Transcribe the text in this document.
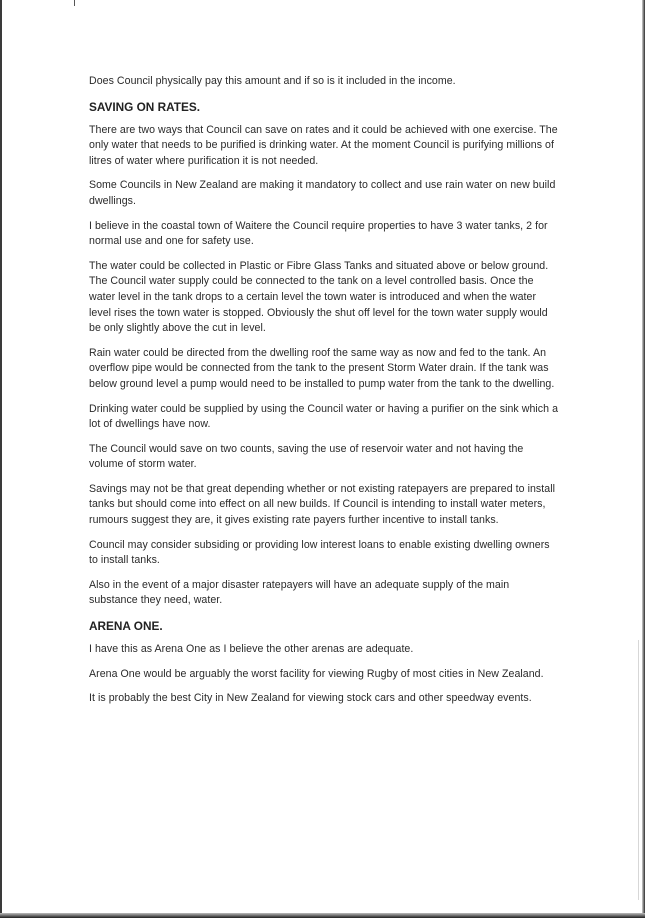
Does Council physically pay this amount and if so is it included in the income.

SAVING ON RATES.

There are two ways that Council can save on rates and it could be achieved with one exercise. The only water that needs to be purified is drinking water. At the moment Council is purifying millions of litres of water where purification it is not needed.

Some Councils in New Zealand are making it mandatory to collect and use rain water on new build dwellings.

I believe in the coastal town of Waitere the Council require properties to have 3 water tanks, 2 for normal use and one for safety use.

The water could be collected in Plastic or Fibre Glass Tanks and situated above or below ground. The Council water supply could be connected to the tank on a level controlled basis. Once the water level in the tank drops to a certain level the town water is introduced and when the water level rises the town water is stopped. Obviously the shut off level for the town water supply would be only slightly above the cut in level.

Rain water could be directed from the dwelling roof the same way as now and fed to the tank. An overflow pipe would be connected from the tank to the present Storm Water drain. If the tank was below ground level a pump would need to be installed to pump water from the tank to the dwelling.

Drinking water could be supplied by using the Council water or having a purifier on the sink which a lot of dwellings have now.

The Council would save on two counts, saving the use of reservoir water and not having the volume of storm water.

Savings may not be that great depending whether or not existing ratepayers are prepared to install tanks but should come into effect on all new builds. If Council is intending to install water meters, rumours suggest they are, it gives existing rate payers further incentive to install tanks.

Council may consider subsiding or providing low interest loans to enable existing dwelling owners to install tanks.

Also in the event of a major disaster ratepayers will have an adequate supply of the main substance they need, water.

ARENA ONE.

I have this as Arena One as I believe the other arenas are adequate.

Arena One would be arguably the worst facility for viewing Rugby of most cities in New Zealand.

It is probably the best City in New Zealand for viewing stock cars and other speedway events.
